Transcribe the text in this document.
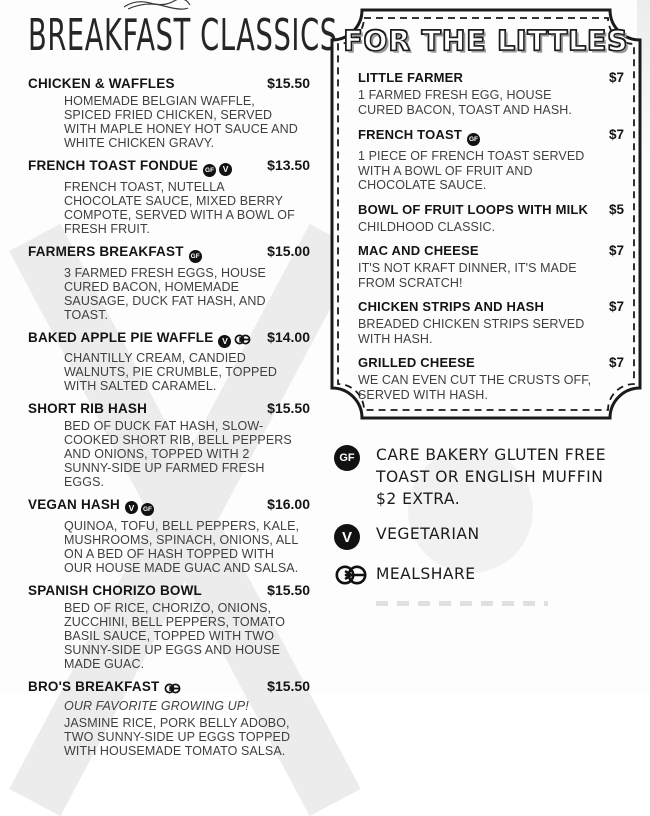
BREAKFAST CLASSICS
CHICKEN & WAFFLES	$15.50
HOMEMADE BELGIAN WAFFLE, SPICED FRIED CHICKEN, SERVED WITH MAPLE HONEY HOT SAUCE AND WHITE CHICKEN GRAVY.
FRENCH TOAST FONDUE	GF V	$13.50
FRENCH TOAST, NUTELLA CHOCOLATE SAUCE, MIXED BERRY COMPOTE, SERVED WITH A BOWL OF FRESH FRUIT.
FARMERS BREAKFAST	GF	$15.00
3 FARMED FRESH EGGS, HOUSE CURED BACON, HOMEMADE SAUSAGE, DUCK FAT HASH, AND TOAST.
BAKED APPLE PIE WAFFLE	V	$14.00
CHANTILLY CREAM, CANDIED WALNUTS, PIE CRUMBLE, TOPPED WITH SALTED CARAMEL.
SHORT RIB HASH	$15.50
BED OF DUCK FAT HASH, SLOW-COOKED SHORT RIB, BELL PEPPERS AND ONIONS, TOPPED WITH 2 SUNNY-SIDE UP FARMED FRESH EGGS.
VEGAN HASH	V GF	$16.00
QUINOA, TOFU, BELL PEPPERS, KALE, MUSHROOMS, SPINACH, ONIONS, ALL ON A BED OF HASH TOPPED WITH OUR HOUSE MADE GUAC AND SALSA.
SPANISH CHORIZO BOWL	$15.50
BED OF RICE, CHORIZO, ONIONS, ZUCCHINI, BELL PEPPERS, TOMATO BASIL SAUCE, TOPPED WITH TWO SUNNY-SIDE UP EGGS AND HOUSE MADE GUAC.
BRO'S BREAKFAST	$15.50
OUR FAVORITE GROWING UP!
JASMINE RICE, PORK BELLY ADOBO, TWO SUNNY-SIDE UP EGGS TOPPED WITH HOUSEMADE TOMATO SALSA.
FOR THE LITTLES
LITTLE FARMER	$7
1 FARMED FRESH EGG, HOUSE CURED BACON, TOAST AND HASH.
FRENCH TOAST	GF	$7
1 PIECE OF FRENCH TOAST SERVED WITH A BOWL OF FRUIT AND CHOCOLATE SAUCE.
BOWL OF FRUIT LOOPS WITH MILK $5
CHILDHOOD CLASSIC.
MAC AND CHEESE	$7
IT'S NOT KRAFT DINNER, IT'S MADE FROM SCRATCH!
CHICKEN STRIPS AND HASH	$7
BREADED CHICKEN STRIPS SERVED WITH HASH.
GRILLED CHEESE	$7
WE CAN EVEN CUT THE CRUSTS OFF, SERVED WITH HASH.
GF	CARE BAKERY GLUTEN FREE TOAST OR ENGLISH MUFFIN  $2 EXTRA.
V	VEGETARIAN
MEALSHARE
